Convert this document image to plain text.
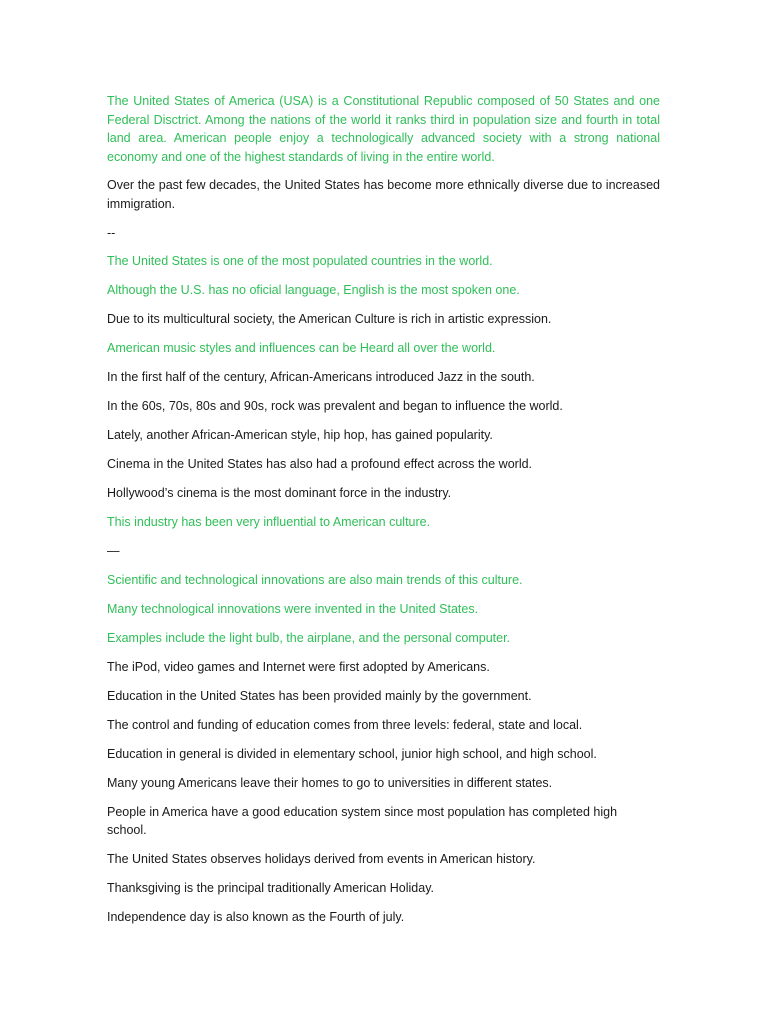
The United States of America (USA) is a Constitutional Republic composed of 50 States and one Federal Disctrict. Among the nations of the world it ranks third in population size and fourth in total land area. American people enjoy a technologically advanced society with a strong national economy and one of the highest standards of living in the entire world.

Over the past few decades, the United States has become more ethnically diverse due to increased immigration.

--

The United States is one of the most populated countries in the world.

Although the U.S. has no oficial language, English is the most spoken one.

Due to its multicultural society, the American Culture is rich in artistic expression.

American music styles and influences can be Heard all over the world.

In the first half of the century, African-Americans introduced Jazz in the south.

In the 60s, 70s, 80s and 90s, rock was prevalent and began to influence the world.

Lately, another African-American style, hip hop, has gained popularity.

Cinema in the United States has also had a profound effect across the world.

Hollywood’s cinema is the most dominant force in the industry.

This industry has been very influential to American culture.

—

Scientific and technological innovations are also main trends of this culture.

Many technological innovations were invented in the United States.

Examples include the light bulb, the airplane, and the personal computer.

The iPod, video games and Internet were first adopted by Americans.

Education in the United States has been provided mainly by the government.

The control and funding of education comes from three levels: federal, state and local.

Education in general is divided in elementary school, junior high school, and high school.

Many young Americans leave their homes to go to universities in different states.

People in America have a good education system since most population has completed high school.

The United States observes holidays derived from events in American history.

Thanksgiving is the principal traditionally American Holiday.

Independence day is also known as the Fourth of july.
